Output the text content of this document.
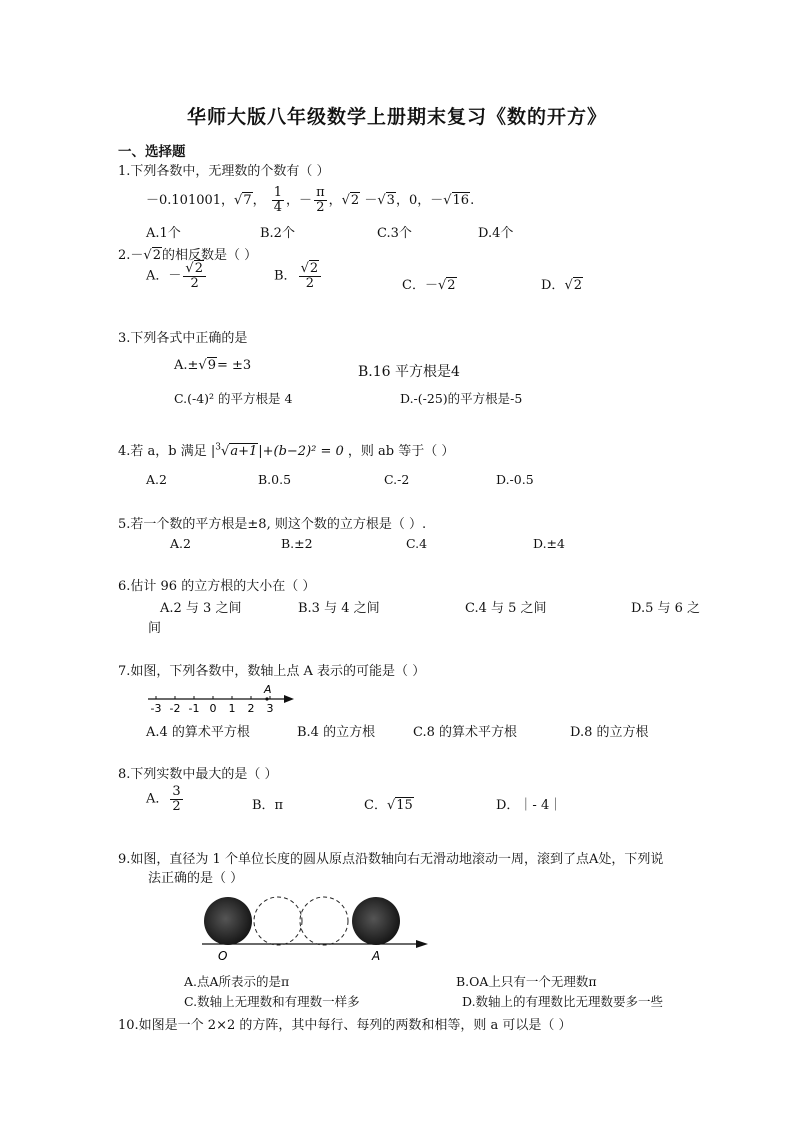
华师大版八年级数学上册期末复习《数的开方》
一、选择题
1.下列各数中，无理数的个数有（ ）
－0.101001，√7， $\frac{1}{4}$ ，－ $\frac{\pi}{2}$ ，√2 －√3，0，－√16.
A.1个	B.2个	C.3个	D.4个
2.－√2的相反数是（ ）
A．－ $\frac{√2}{2}$	B． $\frac{√2}{2}$	C．－√2	D．√2
3.下列各式中正确的是
A.±√9= ±3	B.16 平方根是4
C.(-4)² 的平方根是 4	D.-(-25)的平方根是-5
4.若 a，b 满足 $|^3√a+1|+(b-2)^2 = 0$ ，则 ab 等于（ ）
A.2	B.0.5	C.-2	D.-0.5
5.若一个数的平方根是±8, 则这个数的立方根是（ ）.
A.2	B.±2	C.4	D.±4
6.估计 96 的立方根的大小在（ ）
A.2 与 3 之间	B.3 与 4 之间	C.4 与 5 之间	D.5 与 6 之
间
7.如图，下列各数中，数轴上点 A 表示的可能是（ ）
-3 -2 -1 0 1 2 3
A
A.4 的算术平方根	B.4 的立方根	C.8 的算术平方根	D.8 的立方根
8.下列实数中最大的是（ ）
A． $\frac{3}{2}$	B．π	C．√15	D．｜- 4｜
9.如图，直径为 1 个单位长度的圆从原点沿数轴向右无滑动地滚动一周，滚到了点A处，下列说
法正确的是（ ）
O	A
A.点A所表示的是π	B.OA上只有一个无理数π
C.数轴上无理数和有理数一样多	D.数轴上的有理数比无理数要多一些
10.如图是一个 2×2 的方阵，其中每行、每列的两数和相等，则 a 可以是（ ）
